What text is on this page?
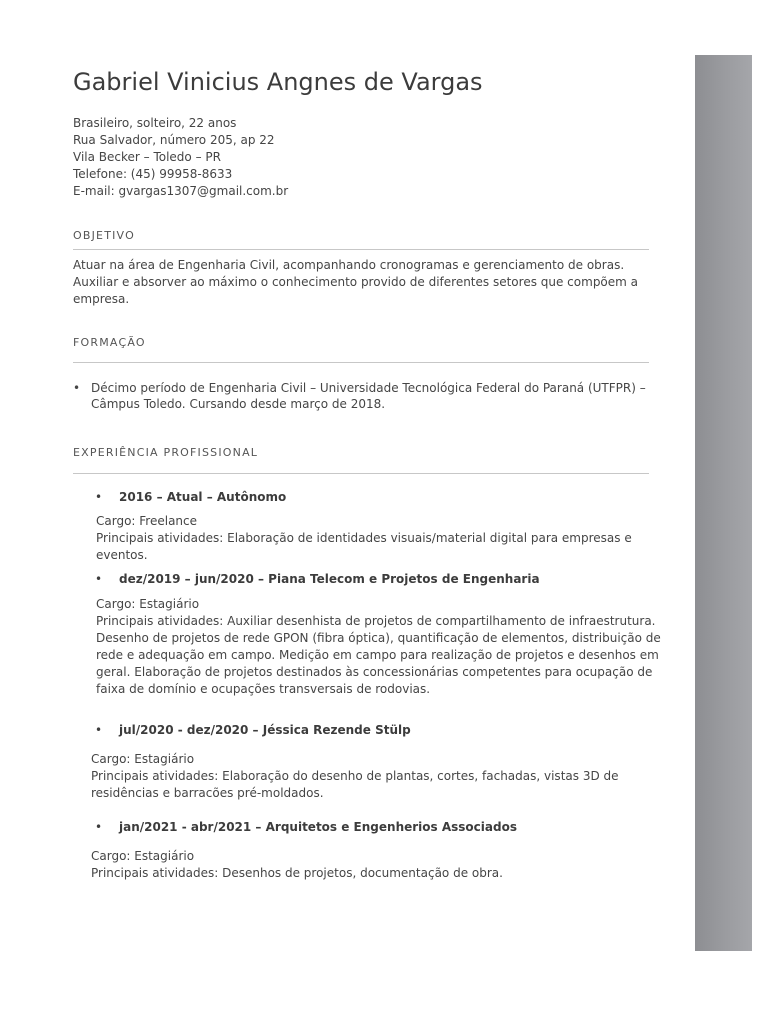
Gabriel Vinicius Angnes de Vargas
Brasileiro, solteiro, 22 anos
Rua Salvador, número 205, ap 22
Vila Becker – Toledo – PR
Telefone: (45) 99958-8633
E-mail: gvargas1307@gmail.com.br
OBJETIVO
Atuar na área de Engenharia Civil, acompanhando cronogramas e gerenciamento de obras. Auxiliar e absorver ao máximo o conhecimento provido de diferentes setores que compõem a empresa.
FORMAÇÃO
• Décimo período de Engenharia Civil – Universidade Tecnológica Federal do Paraná (UTFPR) – Câmpus Toledo. Cursando desde março de 2018.
EXPERIÊNCIA PROFISSIONAL
• 2016 – Atual – Autônomo
Cargo: Freelance
Principais atividades: Elaboração de identidades visuais/material digital para empresas e eventos.
• dez/2019 – jun/2020 – Piana Telecom e Projetos de Engenharia
Cargo: Estagiário
Principais atividades: Auxiliar desenhista de projetos de compartilhamento de infraestrutura. Desenho de projetos de rede GPON (fibra óptica), quantificação de elementos, distribuição de rede e adequação em campo. Medição em campo para realização de projetos e desenhos em geral. Elaboração de projetos destinados às concessionárias competentes para ocupação de faixa de domínio e ocupações transversais de rodovias.
• jul/2020 - dez/2020 – Jéssica Rezende Stülp
Cargo: Estagiário
Principais atividades: Elaboração do desenho de plantas, cortes, fachadas, vistas 3D de residências e barracões pré-moldados.
• jan/2021 - abr/2021 – Arquitetos e Engenherios Associados
Cargo: Estagiário
Principais atividades: Desenhos de projetos, documentação de obra.
